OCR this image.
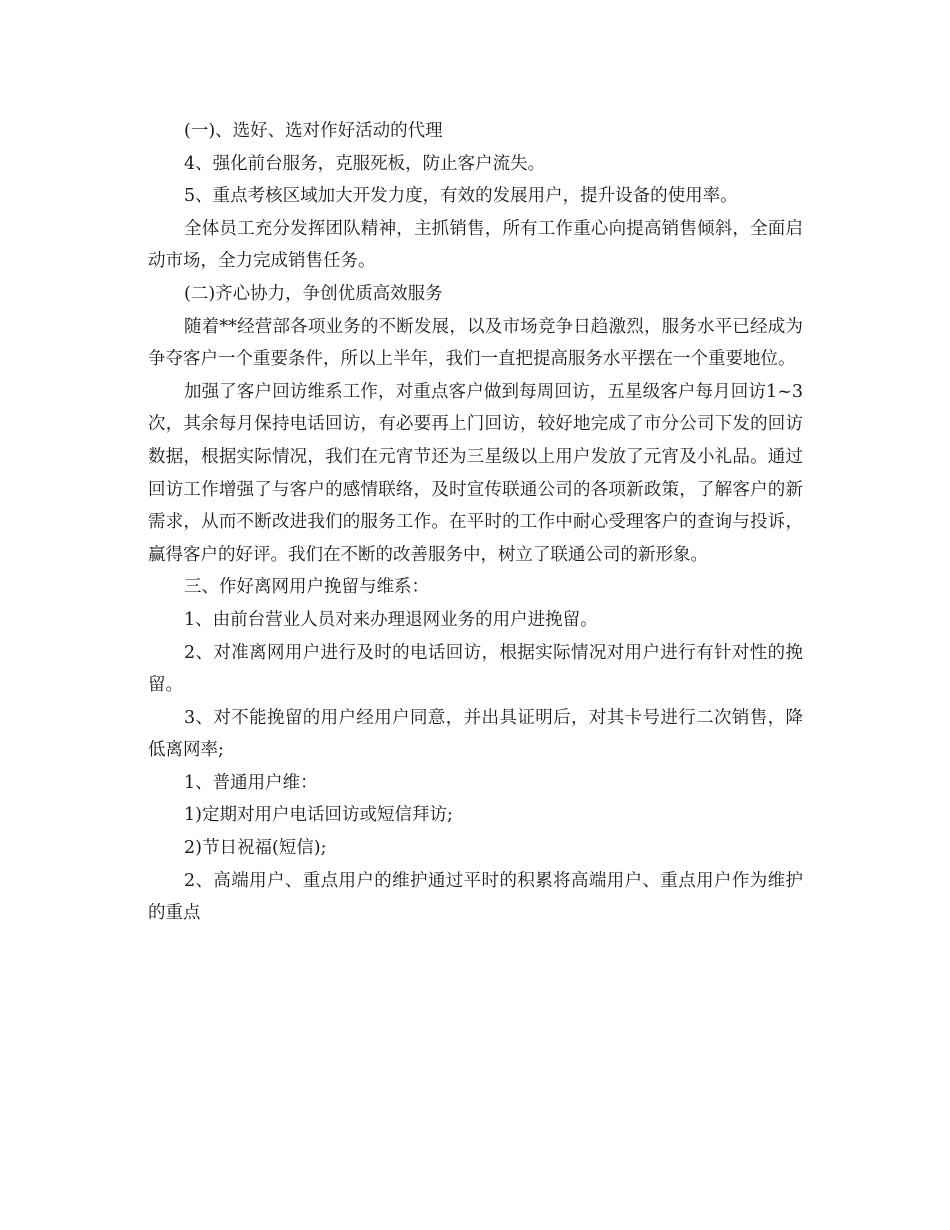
(一)、选好、选对作好活动的代理

4、强化前台服务，克服死板，防止客户流失。

5、重点考核区域加大开发力度，有效的发展用户，提升设备的使用率。

全体员工充分发挥团队精神，主抓销售，所有工作重心向提高销售倾斜，全面启动市场，全力完成销售任务。

(二)齐心协力，争创优质高效服务

随着**经营部各项业务的不断发展，以及市场竞争日趋激烈，服务水平已经成为争夺客户一个重要条件，所以上半年，我们一直把提高服务水平摆在一个重要地位。

加强了客户回访维系工作，对重点客户做到每周回访，五星级客户每月回访1~3次，其余每月保持电话回访，有必要再上门回访，较好地完成了市分公司下发的回访数据，根据实际情况，我们在元宵节还为三星级以上用户发放了元宵及小礼品。通过回访工作增强了与客户的感情联络，及时宣传联通公司的各项新政策，了解客户的新需求，从而不断改进我们的服务工作。在平时的工作中耐心受理客户的查询与投诉，赢得客户的好评。我们在不断的改善服务中，树立了联通公司的新形象。

三、作好离网用户挽留与维系：

1、由前台营业人员对来办理退网业务的用户进挽留。

2、对准离网用户进行及时的电话回访，根据实际情况对用户进行有针对性的挽留。

3、对不能挽留的用户经用户同意，并出具证明后，对其卡号进行二次销售，降低离网率;

1、普通用户维：

1)定期对用户电话回访或短信拜访;

2)节日祝福(短信);

2、高端用户、重点用户的维护通过平时的积累将高端用户、重点用户作为维护的重点
